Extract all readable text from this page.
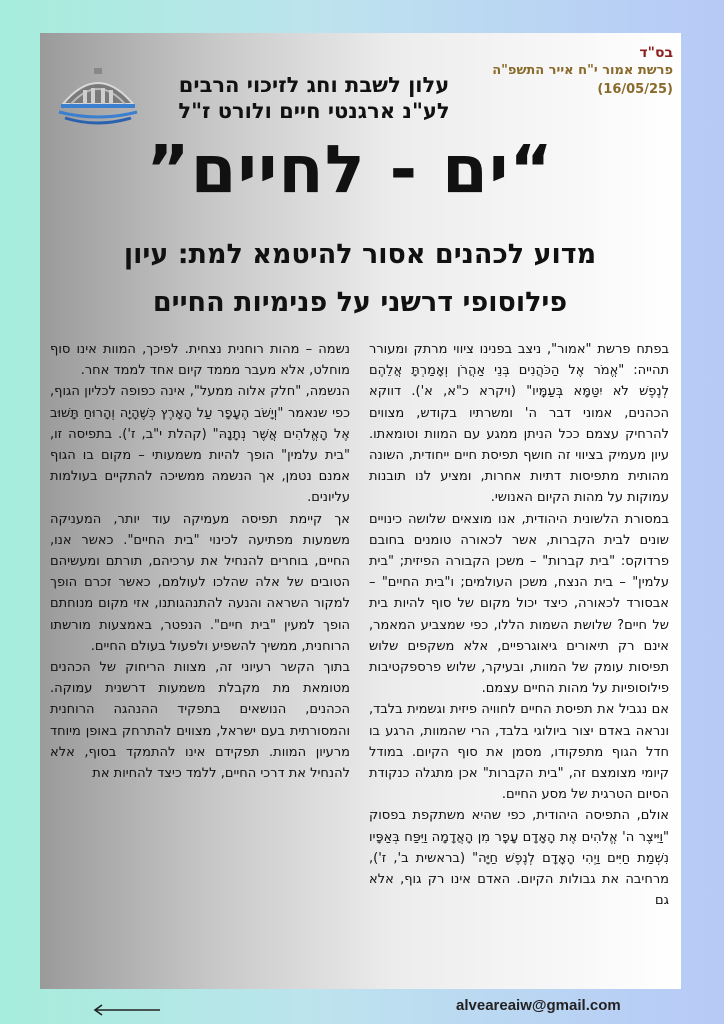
בס"ד
פרשת אמור י"ח אייר התשפ"ה
(16/05/25)
עלון לשבת וחג לזיכוי הרבים
לע"נ ארגנטי חיים ולורט ז"ל
“ים - לחיים”
מדוע לכהנים אסור להיטמא למת: עיון
פילוסופי דרשני על פנימיות החיים

בפתח פרשת "אמור", ניצב בפנינו ציווי מרתק ומעורר תהייה: "אֱמֹר אֶל הַכֹּהֲנִים בְּנֵי אַהֲרֹן וְאָמַרְתָּ אֲלֵהֶם לְנֶפֶשׁ לֹא יִטַּמָּא בְּעַמָּיו" (ויקרא כ"א, א'). דווקא הכהנים, אמוני דבר ה' ומשרתיו בקודש, מצווים להרחיק עצמם ככל הניתן ממגע עם המוות וטומאתו. עיון מעמיק בציווי זה חושף תפיסת חיים ייחודית, השונה מהותית מתפיסות דתיות אחרות, ומציע לנו תובנות עמוקות על מהות הקיום האנושי.

במסורת הלשונית היהודית, אנו מוצאים שלושה כינויים שונים לבית הקברות, אשר לכאורה טומנים בחובם פרדוקס: "בית קברות" – משכן הקבורה הפיזית; "בית עלמין" – בית הנצח, משכן העולמים; ו"בית החיים" – אבסורד לכאורה, כיצד יכול מקום של סוף להיות בית של חיים? שלושת השמות הללו, כפי שמצביע המאמר, אינם רק תיאורים גיאוגרפיים, אלא משקפים שלוש תפיסות עומק של המוות, ובעיקר, שלוש פרספקטיבות פילוסופיות על מהות החיים עצמם.

אם נגביל את תפיסת החיים לחוויה פיזית וגשמית בלבד, ונראה באדם יצור ביולוגי בלבד, הרי שהמוות, הרגע בו חדל הגוף מתפקודו, מסמן את סוף הקיום. במודל קיומי מצומצם זה, "בית הקברות" אכן מתגלה כנקודת הסיום הטרגית של מסע החיים.

אולם, התפיסה היהודית, כפי שהיא משתקפת בפסוק "וַיִּיצֶר ה' אֱלֹהִים אֶת הָאָדָם עָפָר מִן הָאֲדָמָה וַיִּפַּח בְּאַפָּיו נִשְׁמַת חַיִּים וַיְהִי הָאָדָם לְנֶפֶשׁ חַיָּה" (בראשית ב', ז'), מרחיבה את גבולות הקיום. האדם אינו רק גוף, אלא גם

נשמה – מהות רוחנית נצחית. לפיכך, המוות אינו סוף מוחלט, אלא מעבר מממד קיום אחד לממד אחר.

הנשמה, "חלק אלוה ממעל", אינה כפופה לכליון הגוף, כפי שנאמר "וְיָשֹׁב הֶעָפָר עַל הָאָרֶץ כְּשֶׁהָיָה וְהָרוּחַ תָּשׁוּב אֶל הָאֱלֹהִים אֲשֶׁר נְתָנָהּ" (קהלת י"ב, ז'). בתפיסה זו, "בית עלמין" הופך להיות משמעותי – מקום בו הגוף אמנם נטמן, אך הנשמה ממשיכה להתקיים בעולמות עליונים.

אך קיימת תפיסה מעמיקה עוד יותר, המעניקה משמעות מפתיעה לכינוי "בית החיים". כאשר אנו, החיים, בוחרים להנחיל את ערכיהם, תורתם ומעשיהם הטובים של אלה שהלכו לעולמם, כאשר זכרם הופך למקור השראה והנעה להתנהגותנו, אזי מקום מנוחתם הופך למעין "בית חיים". הנפטר, באמצעות מורשתו הרוחנית, ממשיך להשפיע ולפעול בעולם החיים.

בתוך הקשר רעיוני זה, מצוות הריחוק של הכהנים מטומאת מת מקבלת משמעות דרשנית עמוקה. הכהנים, הנושאים בתפקיד ההנהגה הרוחנית והמסורתית בעם ישראל, מצווים להתרחק באופן מיוחד מרעיון המוות. תפקידם אינו להתמקד בסוף, אלא להנחיל את דרכי החיים, ללמד כיצד להחיות את

alveareaiw@gmail.com
